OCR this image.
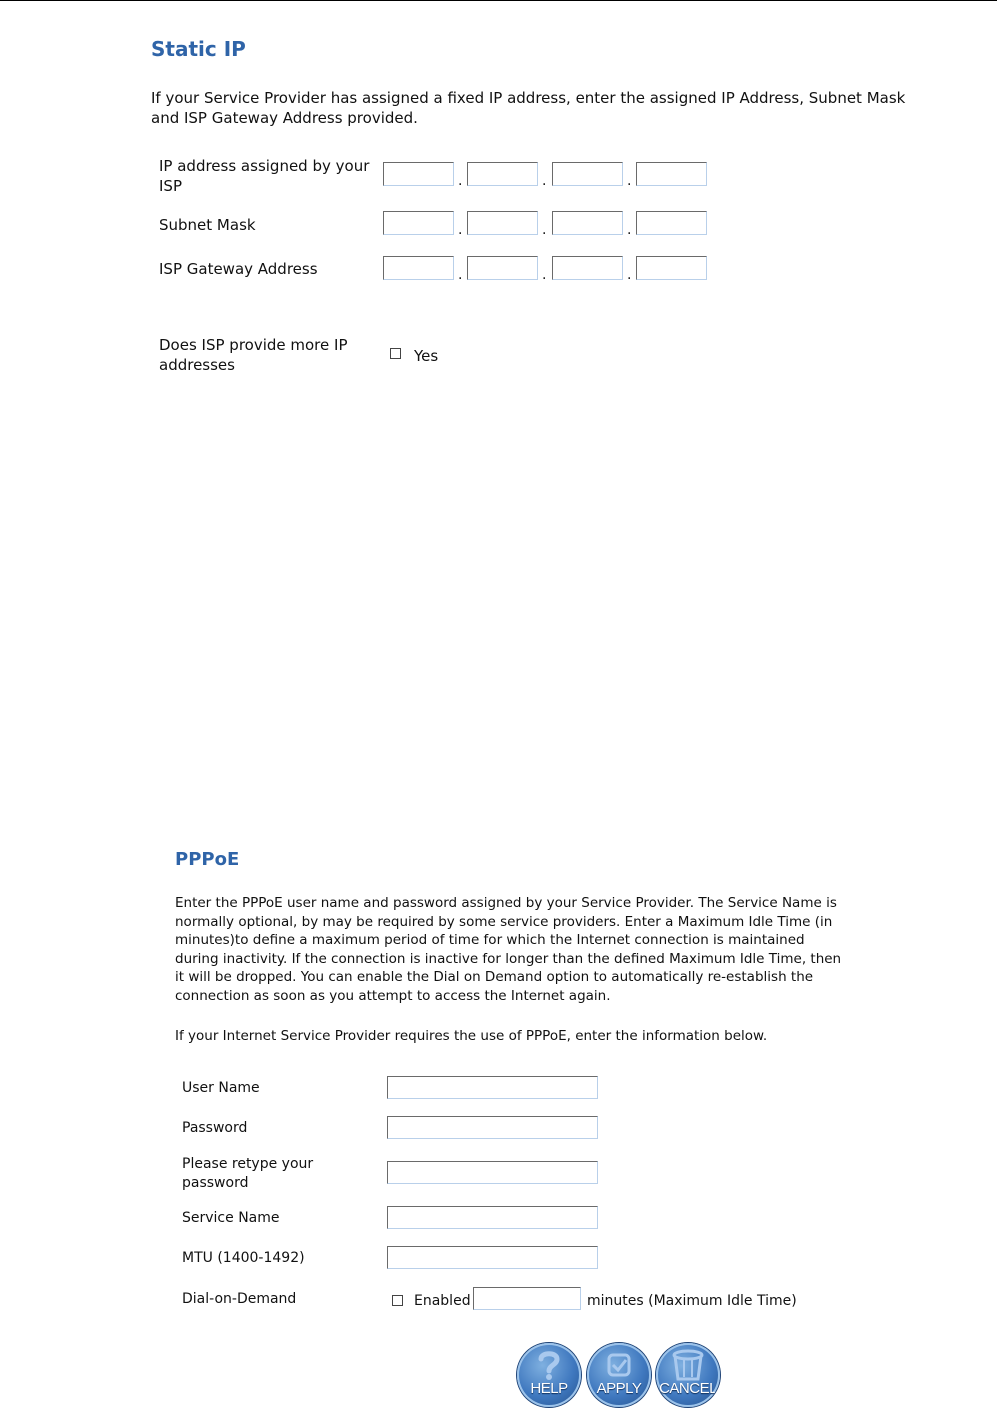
Static IP
If your Service Provider has assigned a fixed IP address, enter the assigned IP Address, Subnet Mask and ISP Gateway Address provided.
IP address assigned by your ISP	.	.	.
Subnet Mask	.	.	.
ISP Gateway Address	.	.	.
Does ISP provide more IP addresses	Yes
PPPoE
Enter the PPPoE user name and password assigned by your Service Provider. The Service Name is normally optional, by may be required by some service providers. Enter a Maximum Idle Time (in minutes)to define a maximum period of time for which the Internet connection is maintained during inactivity. If the connection is inactive for longer than the defined Maximum Idle Time, then it will be dropped. You can enable the Dial on Demand option to automatically re-establish the connection as soon as you attempt to access the Internet again.
If your Internet Service Provider requires the use of PPPoE, enter the information below.
User Name
Password
Please retype your password
Service Name
MTU (1400-1492)
Dial-on-Demand	Enabled	minutes (Maximum Idle Time)
HELP	APPLY	CANCEL
